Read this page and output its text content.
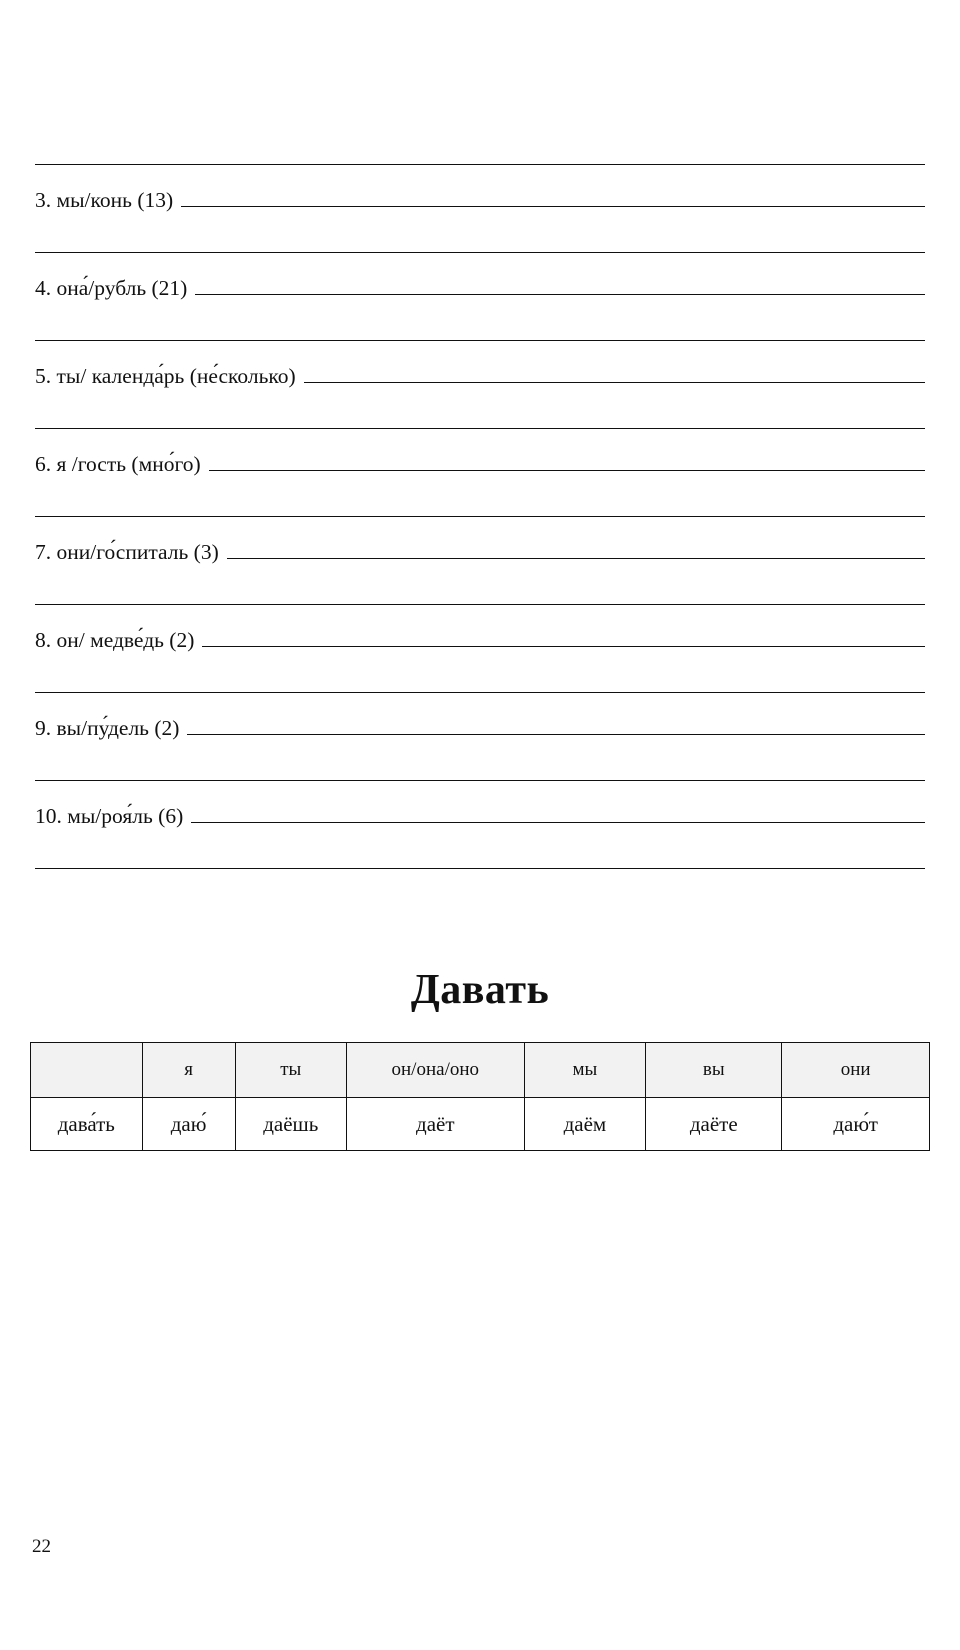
3. мы/конь (13)
4. она́/рубль (21)
5. ты/ календа́рь (не́сколько)
6. я /гость (мно́го)
7. они/го́спиталь (3)
8. он/ медве́дь (2)
9. вы/пу́дель (2)
10. мы/роя́ль (6)
Давать
	я	ты	он/она/оно	мы	вы	они
дава́ть	даю́	даёшь	даёт	даём	даёте	даю́т
22
